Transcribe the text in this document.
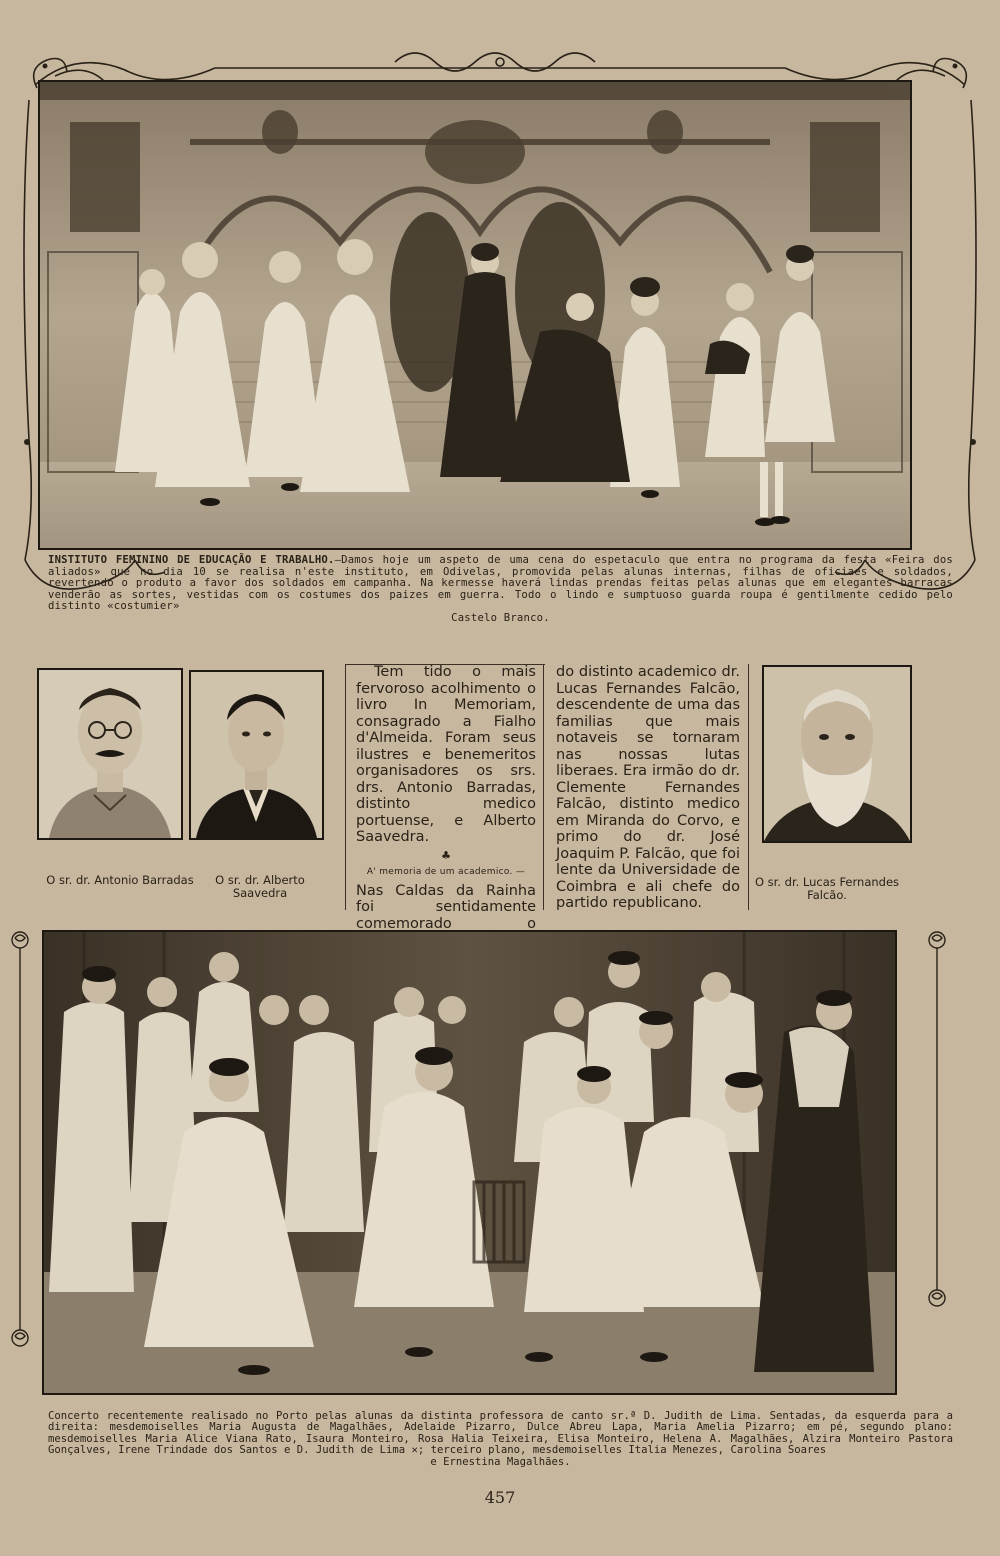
INSTITUTO FEMININO DE EDUCAÇÃO E TRABALHO.—Damos hoje um aspeto de uma cena do espetaculo que entra no programa da festa «Feira dos aliados» que no dia 10 se realisa n'este instituto, em Odivelas, promovida pelas alunas internas, filhas de oficiaes e soldados, revertendo o produto a favor dos soldados em campanha. Na kermesse haverá lindas prendas feitas pelas alunas que em elegantes barracas venderão as sortes, vestidas com os costumes dos paizes em guerra. Todo o lindo e sumptuoso guarda roupa é gentilmente cedido pelo distinto «costumier»
Castelo Branco.
O sr. dr. Antonio Barradas	O sr. dr. Alberto Saavedra

Tem tido o mais fervoroso acolhimento o livro In Memoriam, consagrado a Fialho d'Almeida. Foram seus ilustres e benemeritos organisadores os srs. drs. Antonio Barradas, distinto medico portuense, e Alberto Saavedra.

♣
A' memoria de um academico. —

Nas Caldas da Rainha foi sentidamente comemorado o

do distinto academico dr. Lucas Fernandes Falcão, descendente de uma das familias que mais notaveis se tornaram nas nossas lutas liberaes. Era irmão do dr. Clemente Fernandes Falcão, distinto medico em Miranda do Corvo, e primo do dr. José Joaquim P. Falcão, que foi lente da Universidade de Coimbra e ali chefe do partido republicano.

O sr. dr. Lucas Fernandes Falcão.
Concerto recentemente realisado no Porto pelas alunas da distinta professora de canto sr.ª D. Judith de Lima. Sentadas, da esquerda para a direita: mesdemoiselles Maria Augusta de Magalhães, Adelaide Pizarro, Dulce Abreu Lapa, Maria Amelia Pizarro; em pé, segundo plano: mesdemoiselles Maria Alice Viana Rato, Isaura Monteiro, Rosa Halia Teixeira, Elisa Monteiro, Helena A. Magalhães, Alzira Monteiro Pastora Gonçalves, Irene Trindade dos Santos e D. Judith de Lima ✕; terceiro plano, mesdemoiselles Italia Menezes, Carolina Soares
e Ernestina Magalhães.
457
